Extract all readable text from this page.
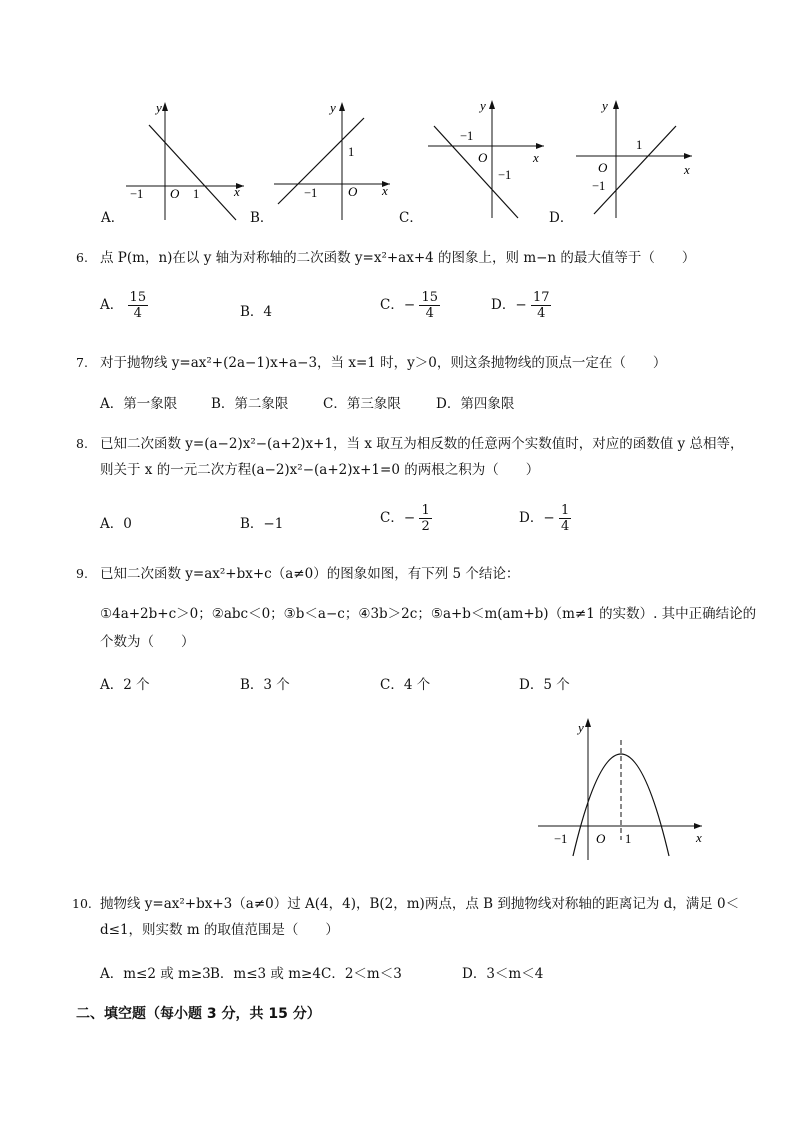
y
x
−1 O 1
A．
y
x
−1 O
1
B．
y
x
−1
O
−1
C．
y
x
1
O
−1
D．
6. 点 P(m，n)在以 y 轴为对称轴的二次函数 y=x²+ax+4 的图象上，则 m−n 的最大值等于（　　）
A． $\frac{15}{4}$	B．4	C．− $\frac{15}{4}$	D．− $\frac{17}{4}$
7. 对于抛物线 y=ax²+(2a−1)x+a−3，当 x=1 时，y＞0，则这条抛物线的顶点一定在（　　）
A．第一象限	B．第二象限	C．第三象限	D．第四象限
8. 已知二次函数 y=(a−2)x²−(a+2)x+1，当 x 取互为相反数的任意两个实数值时，对应的函数值 y 总相等，
则关于 x 的一元二次方程(a−2)x²−(a+2)x+1=0 的两根之积为（　　）
A．0	B．−1	C．− $\frac{1}{2}$	D．− $\frac{1}{4}$
9. 已知二次函数 y=ax²+bx+c（a≠0）的图象如图，有下列 5 个结论：
①4a+2b+c＞0；②abc＜0；③b＜a−c；④3b＞2c；⑤a+b＜m(am+b)（m≠1 的实数）. 其中正确结论的
个数为（　　）
A．2 个	B．3 个	C．4 个	D．5 个
y
x
−1 O 1
10. 抛物线 y=ax²+bx+3（a≠0）过 A(4，4)，B(2，m)两点，点 B 到抛物线对称轴的距离记为 d，满足 0＜
d≤1，则实数 m 的取值范围是（　　）
A．m≤2 或 m≥3 B．m≤3 或 m≥4 C．2＜m＜3	D．3＜m＜4
二、填空题（每小题 3 分，共 15 分）
